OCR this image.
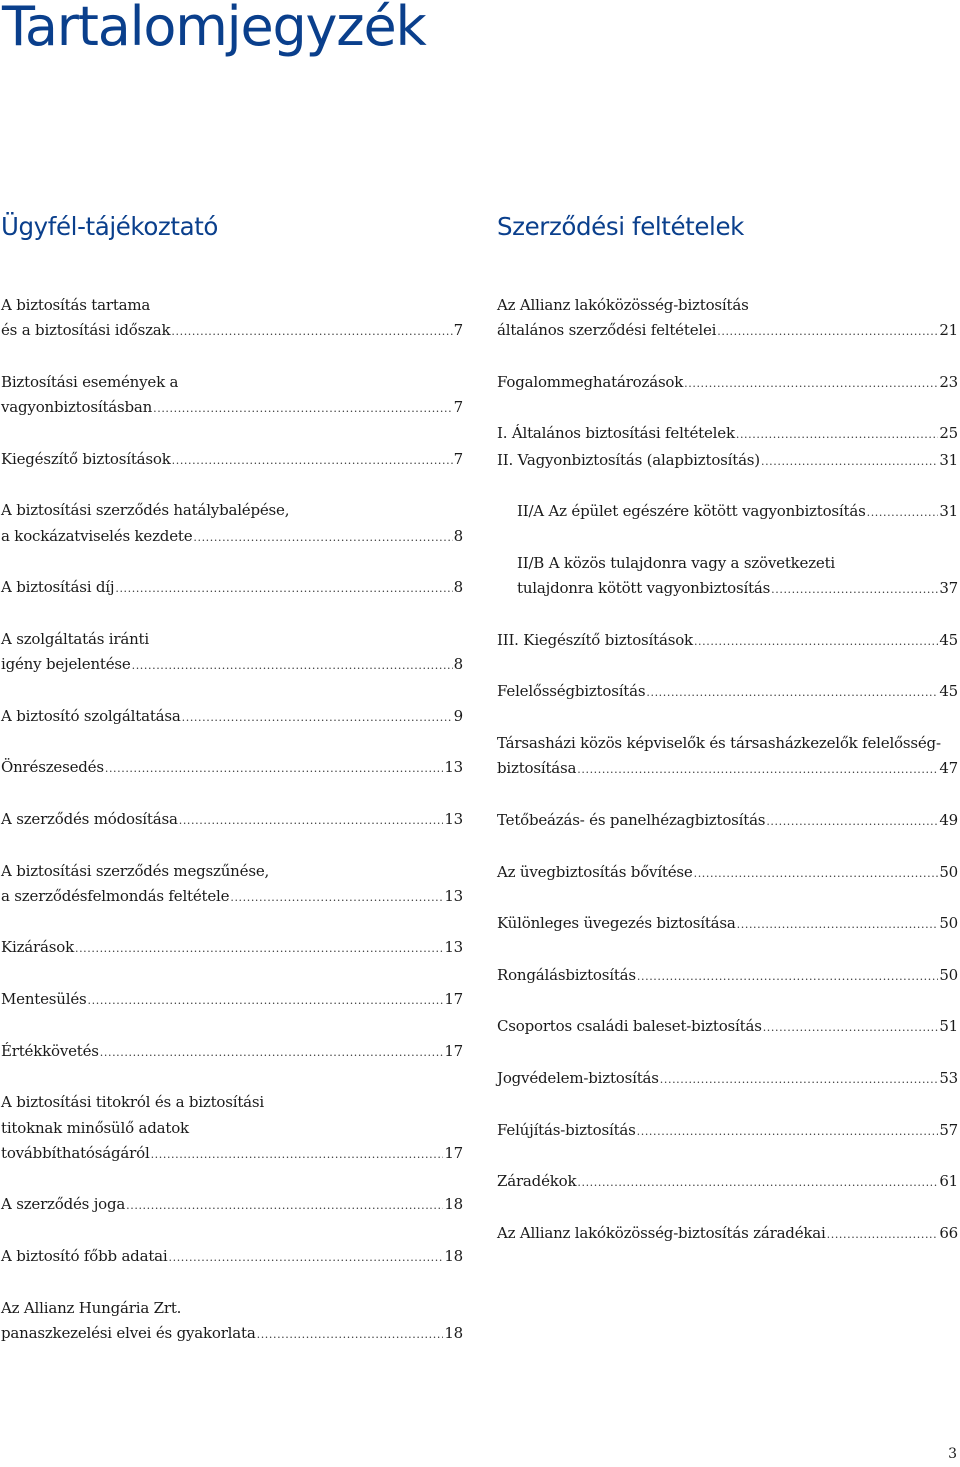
Tartalomjegyzék
Ügyfél-tájékoztató
A biztosítás tartama
és a biztosítási időszak .....	7
Biztosítási események a
vagyonbiztosításban .....	7
Kiegészítő biztosítások .....	7
A biztosítási szerződés hatálybalépése,
a kockázatviselés kezdete .....	8
A biztosítási díj .....	8
A szolgáltatás iránti
igény bejelentése .....	8
A biztosító szolgáltatása .....	9
Önrészesedés .....	13
A szerződés módosítása .....	13
A biztosítási szerződés megszűnése,
a szerződésfelmondás feltétele .....	13
Kizárások .....	13
Mentesülés .....	17
Értékkövetés .....	17
A biztosítási titokról és a biztosítási
titoknak minősülő adatok
továbbíthatóságáról .....	17
A szerződés joga .....	18
A biztosító főbb adatai .....	18
Az Allianz Hungária Zrt.
panaszkezelési elvei és gyakorlata .....	18
Szerződési feltételek
Az Allianz lakóközösség-biztosítás
általános szerződési feltételei .....	21
Fogalommeghatározások .....	23
I. Általános biztosítási feltételek .....	25
II. Vagyonbiztosítás (alapbiztosítás) .....	31
II/A Az épület egészére kötött vagyonbiztosítás .....	31
II/B A közös tulajdonra vagy a szövetkezeti
tulajdonra kötött vagyonbiztosítás .....	37
III. Kiegészítő biztosítások .....	45
Felelősségbiztosítás .....	45
Társasházi közös képviselők és társasházkezelők felelősség-
biztosítása .....	47
Tetőbeázás- és panelhézagbiztosítás .....	49
Az üvegbiztosítás bővítése .....	50
Különleges üvegezés biztosítása .....	50
Rongálásbiztosítás .....	50
Csoportos családi baleset-biztosítás .....	51
Jogvédelem-biztosítás .....	53
Felújítás-biztosítás .....	57
Záradékok .....	61
Az Allianz lakóközösség-biztosítás záradékai .....	66
3
